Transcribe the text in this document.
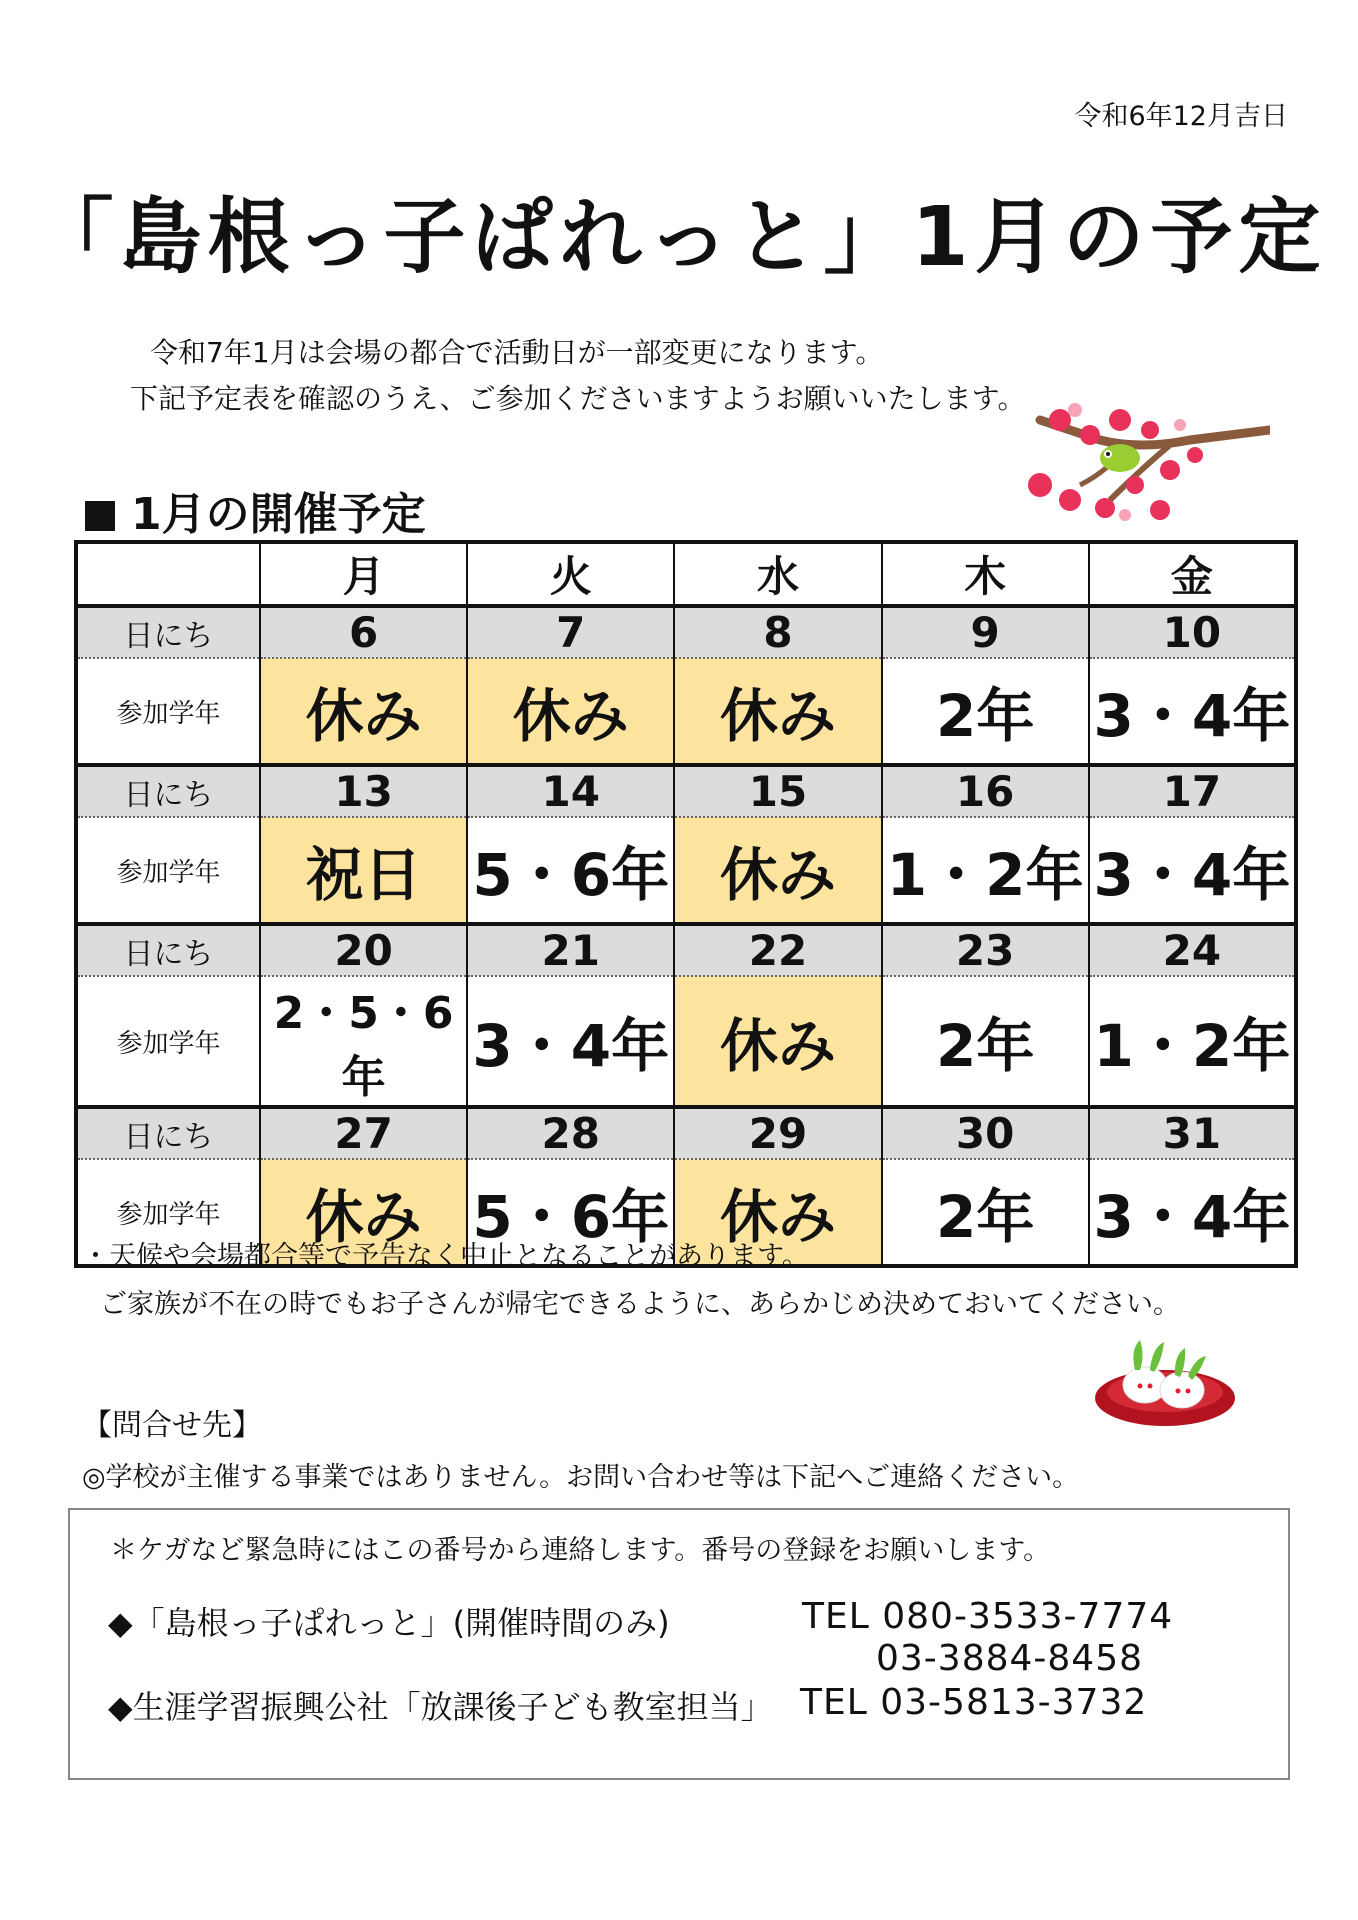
令和6年12月吉日
「島根っ子ぱれっと」1月の予定
令和7年1月は会場の都合で活動日が一部変更になります。
下記予定表を確認のうえ、ご参加くださいますようお願いいたします。
1月の開催予定
	月	火	水	木	金
日にち	6	7	8	9	10
参加学年	休み	休み	休み	2年	3・4年
日にち	13	14	15	16	17
参加学年	祝日	5・6年	休み	1・2年	3・4年
日にち	20	21	22	23	24
参加学年	2・5・6年	3・4年	休み	2年	1・2年
日にち	27	28	29	30	31
参加学年	休み	5・6年	休み	2年	3・4年
・天候や会場都合等で予告なく中止となることがあります。
ご家族が不在の時でもお子さんが帰宅できるように、あらかじめ決めておいてください。
【問合せ先】
◎学校が主催する事業ではありません。お問い合わせ等は下記へご連絡ください。
＊ケガなど緊急時にはこの番号から連絡します。番号の登録をお願いします。
◆「島根っ子ぱれっと」(開催時間のみ)	TEL 080-3533-7774
03-3884-8458
◆生涯学習振興公社「放課後子ども教室担当」 TEL 03-5813-3732
